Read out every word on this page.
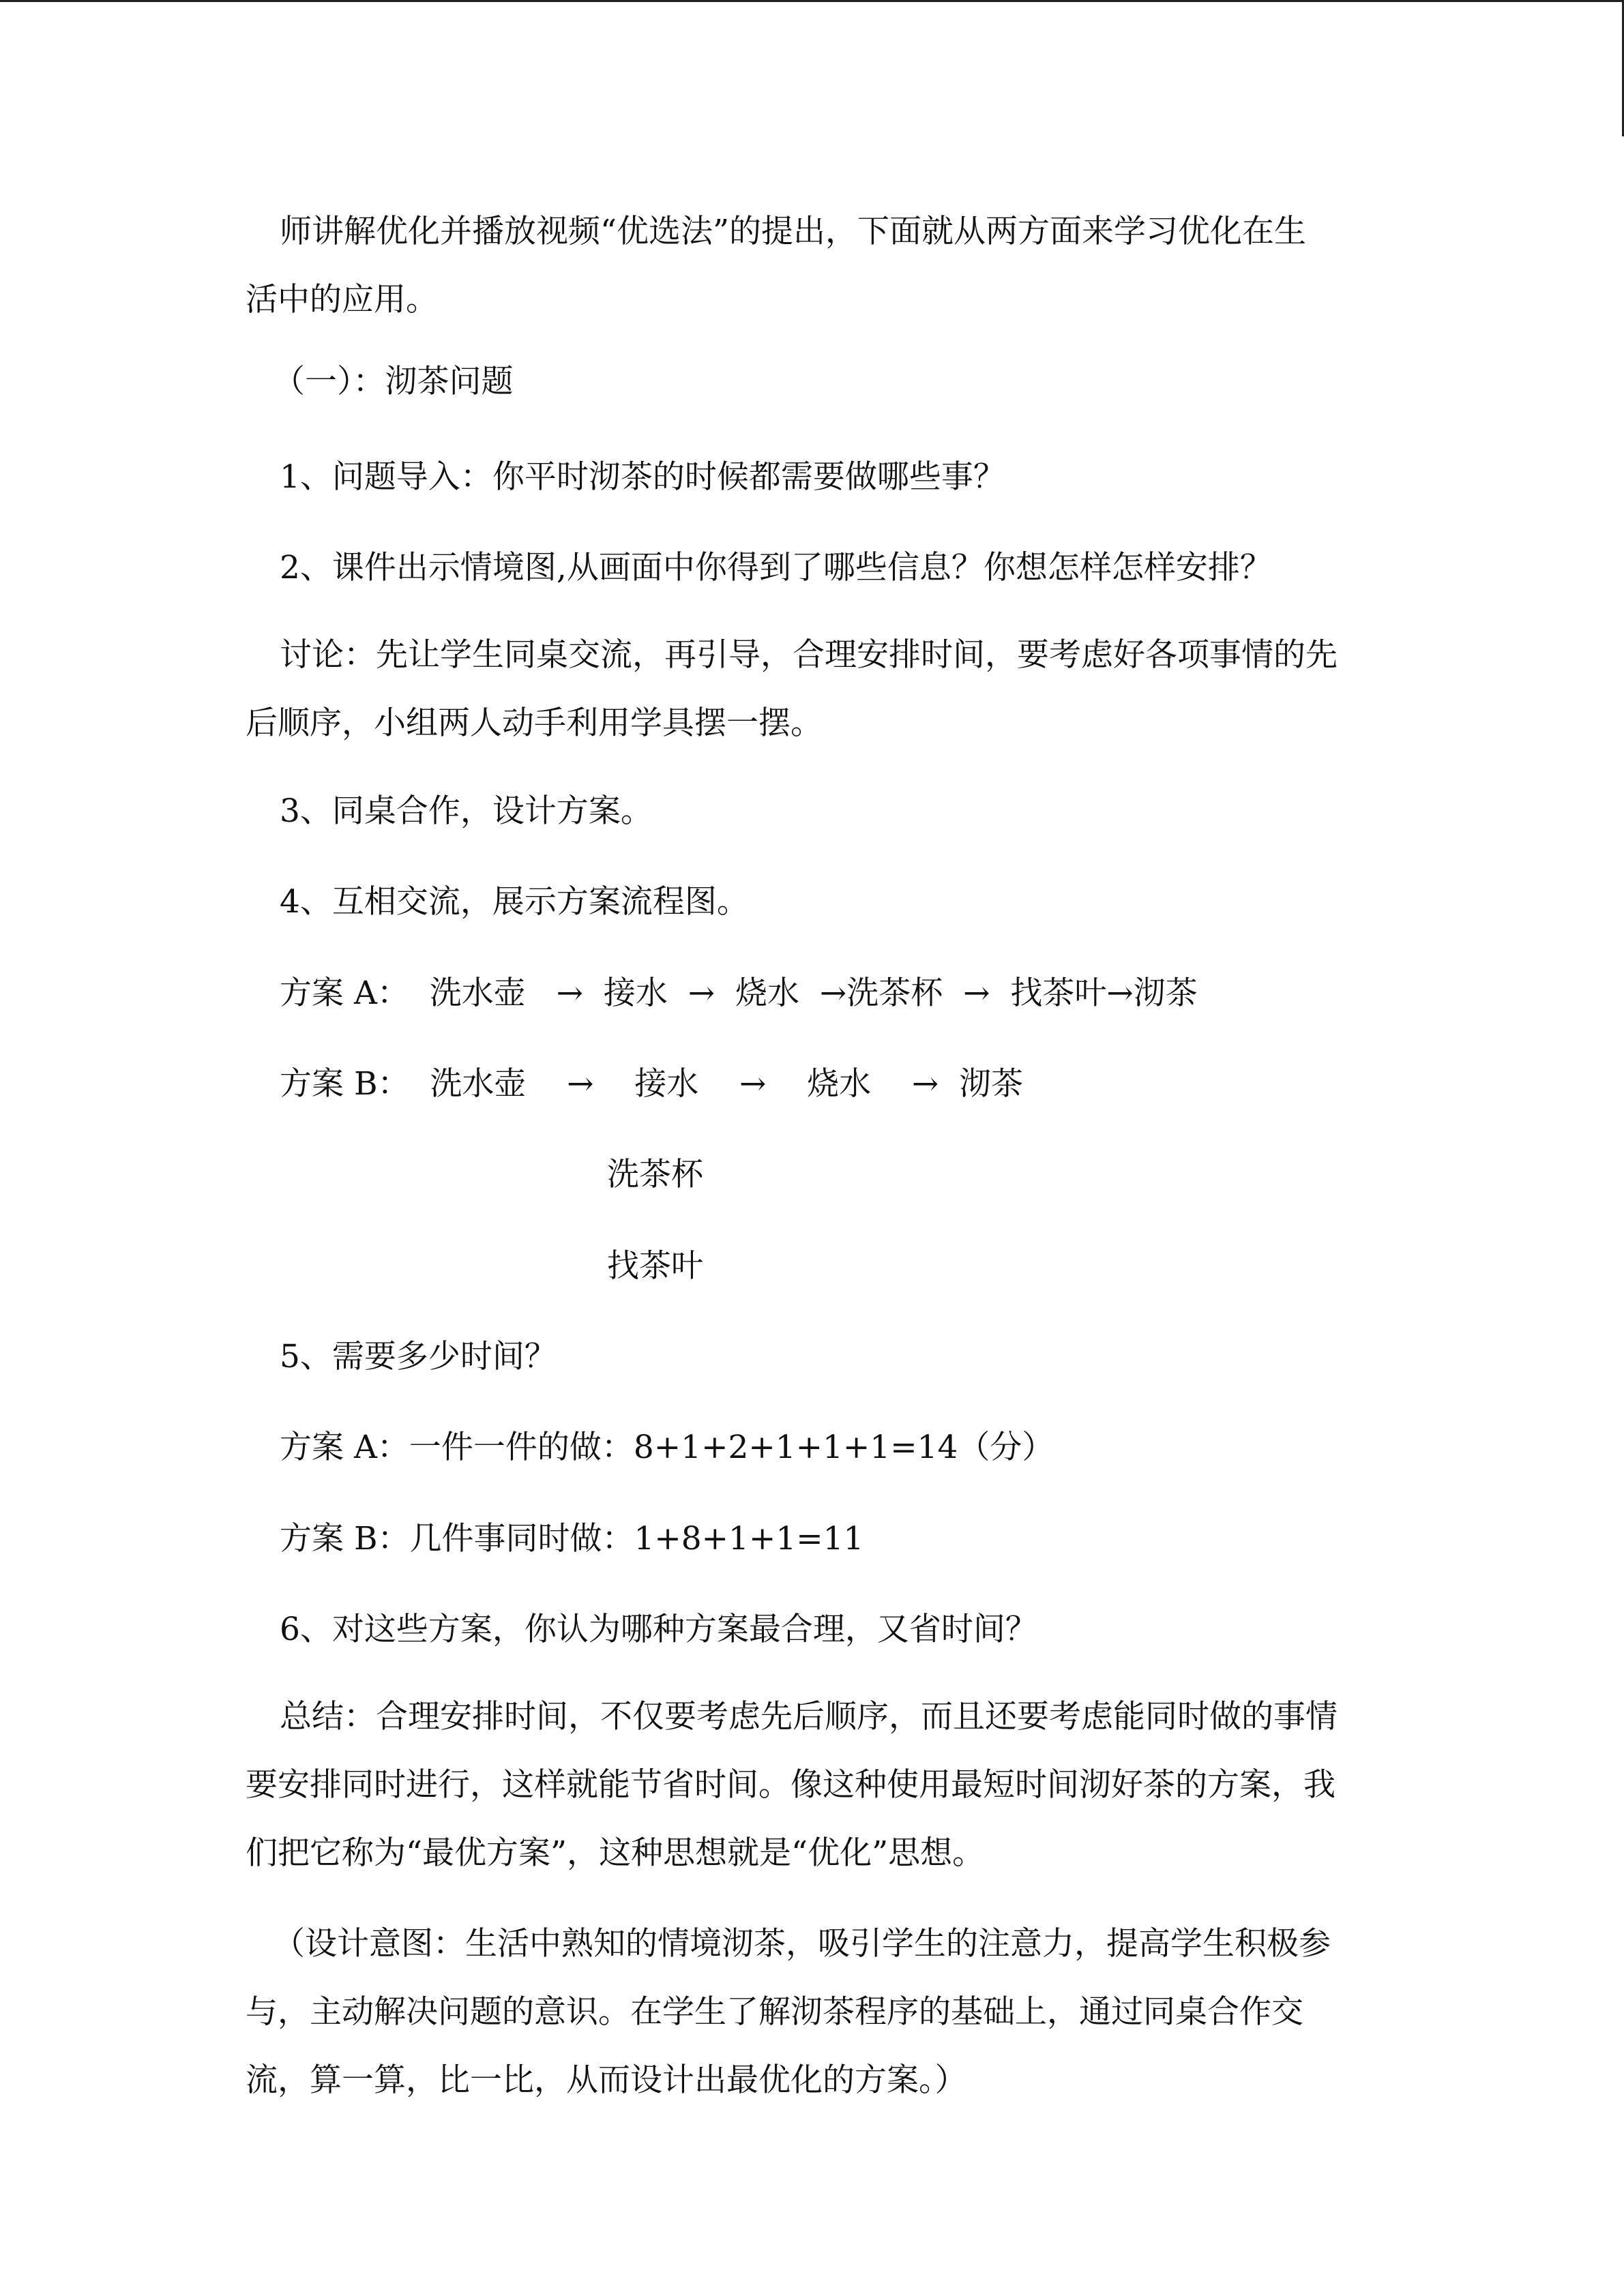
师讲解优化并播放视频“优选法”的提出，下面就从两方面来学习优化在生
活中的应用。

（一）：沏茶问题

1、问题导入：你平时沏茶的时候都需要做哪些事？

2、课件出示情境图,从画面中你得到了哪些信息？你想怎样怎样安排？

讨论：先让学生同桌交流，再引导，合理安排时间，要考虑好各项事情的先
后顺序，小组两人动手利用学具摆一摆。

3、同桌合作，设计方案。

4、互相交流，展示方案流程图。

方案 A：  洗水壶   →  接水  →  烧水  →洗茶杯  →  找茶叶→沏茶

方案 B：  洗水壶    →    接水    →    烧水    →  沏茶

洗茶杯

找茶叶

5、需要多少时间？

方案 A：一件一件的做：8+1+2+1+1+1=14（分）

方案 B：几件事同时做：1+8+1+1=11

6、对这些方案，你认为哪种方案最合理，又省时间？

总结：合理安排时间，不仅要考虑先后顺序，而且还要考虑能同时做的事情
要安排同时进行，这样就能节省时间。像这种使用最短时间沏好茶的方案，我
们把它称为“最优方案”，这种思想就是“优化”思想。
（设计意图：生活中熟知的情境沏茶，吸引学生的注意力，提高学生积极参
与，主动解决问题的意识。在学生了解沏茶程序的基础上，通过同桌合作交
流，算一算，比一比，从而设计出最优化的方案。）
